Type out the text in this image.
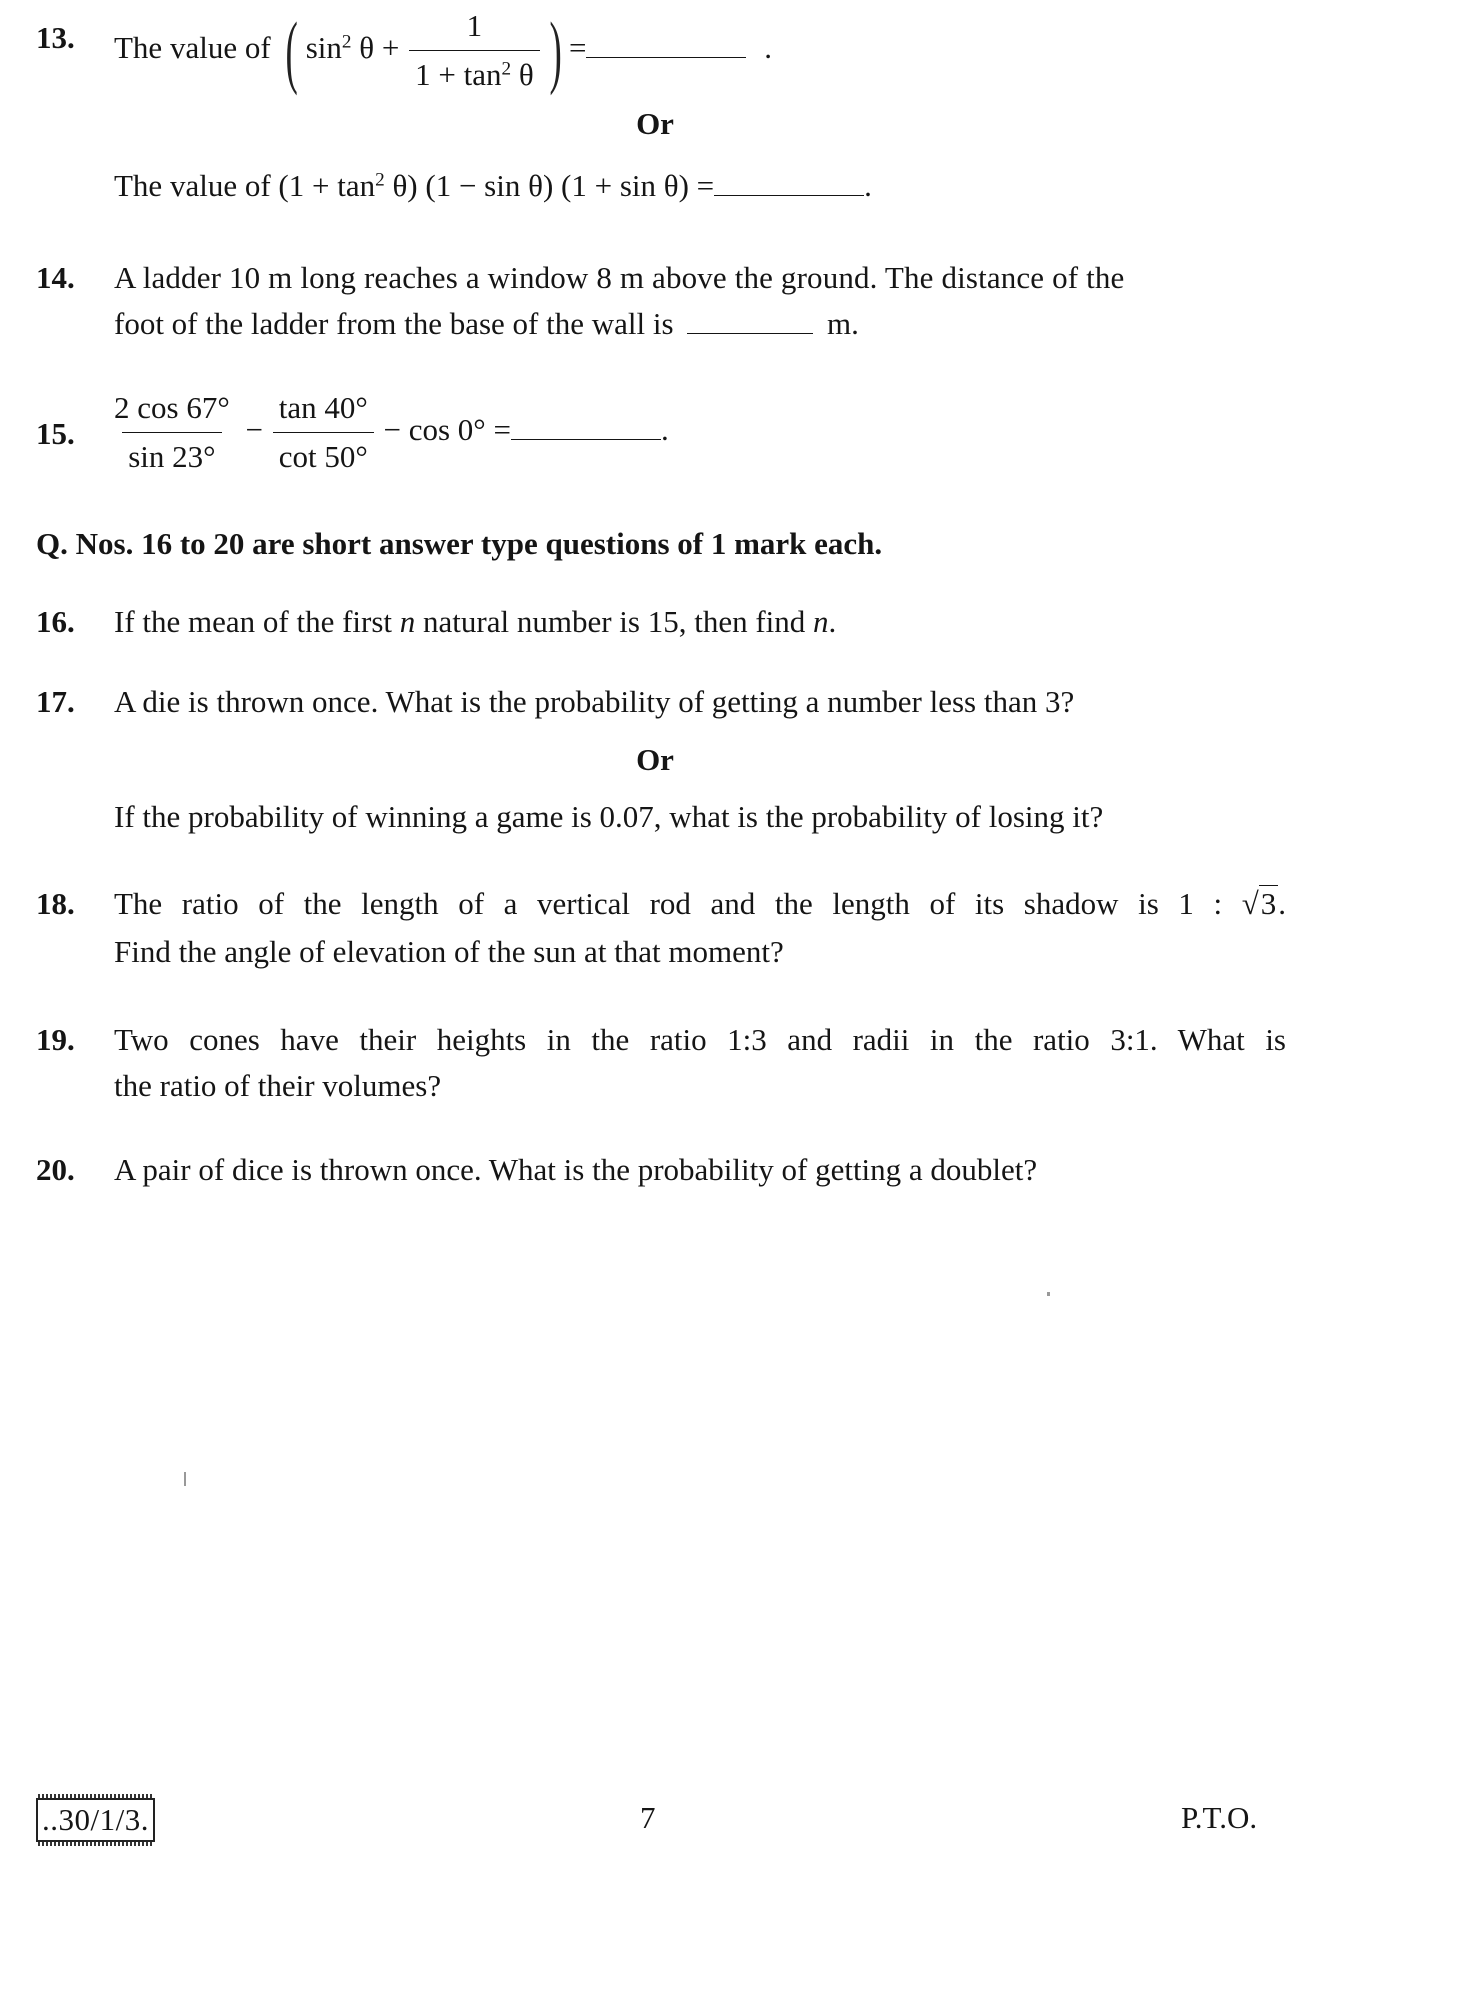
13. The value of ( $\sin^2 \theta + \frac{1}{1 + \tan^2 \theta}$ ) =	.
Or
The value of $(1 + \tan^2 \theta)$ (1 − sin θ) (1 + sin θ) =	.
14. A ladder 10 m long reaches a window 8 m above the ground. The distance of the
foot of the ladder from the base of the wall is	m.
15. $\frac{2 \cos 67^\circ}{\sin 23^\circ} - \frac{\tan 40^\circ}{\cot 50^\circ} - \cos 0^\circ$ =	.
Q. Nos. 16 to 20 are short answer type questions of 1 mark each.
16. If the mean of the first n natural number is 15, then find n.
17. A die is thrown once. What is the probability of getting a number less than 3?
Or
If the probability of winning a game is 0.07, what is the probability of losing it?
18. The ratio of the length of a vertical rod and the length of its shadow is 1 : √3.
Find the angle of elevation of the sun at that moment?
19. Two cones have their heights in the ratio 1:3 and radii in the ratio 3:1. What is
the ratio of their volumes?
20. A pair of dice is thrown once. What is the probability of getting a doublet?
..30/1/3.	7	P.T.O.
